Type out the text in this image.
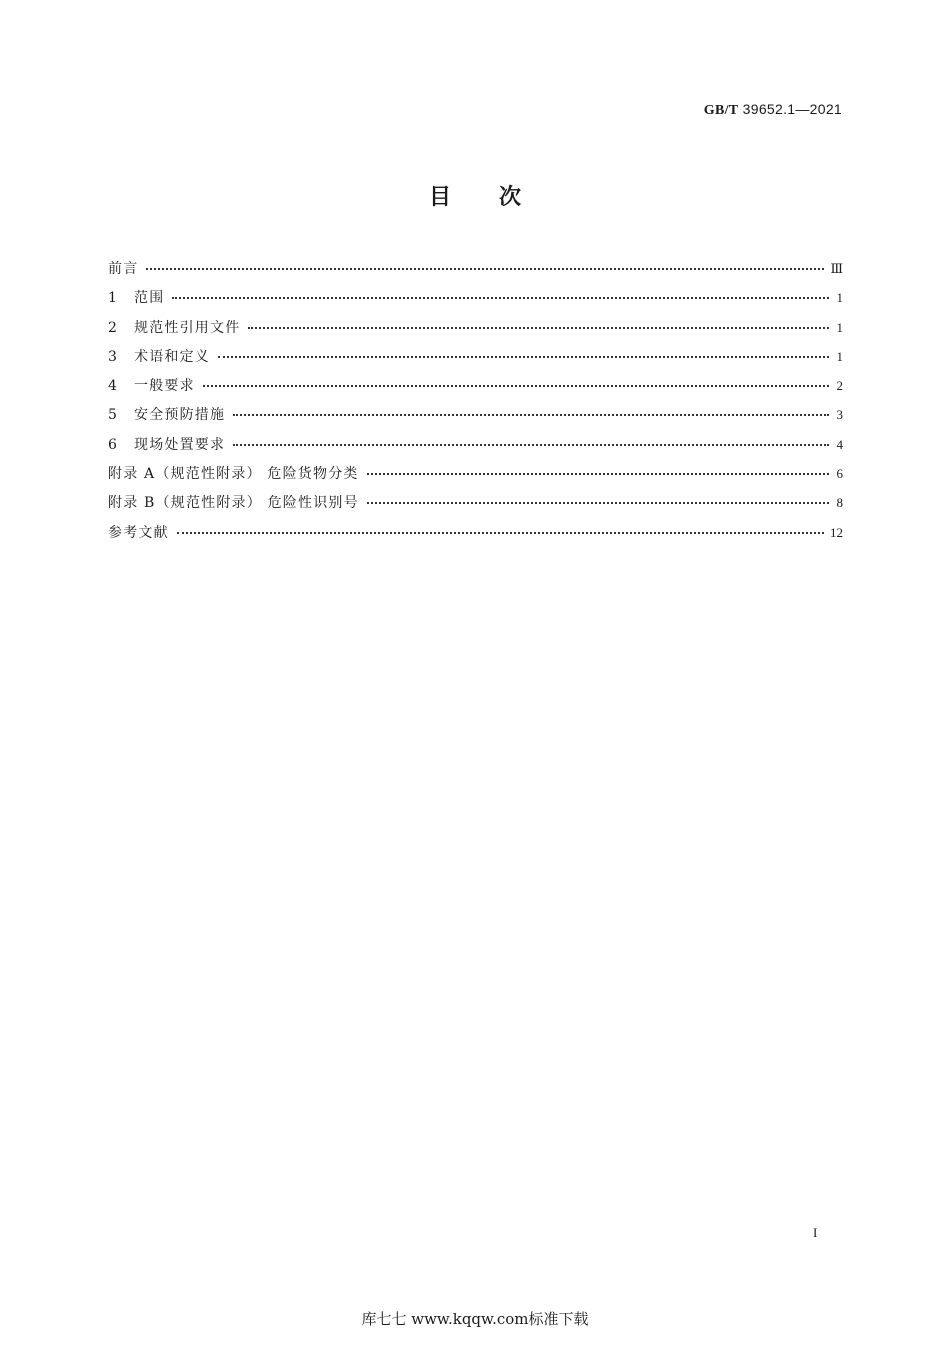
GB/T 39652.1—2021
目次
前言	Ⅲ
1 范围	1
2 规范性引用文件	1
3 术语和定义	1
4 一般要求	2
5 安全预防措施	3
6 现场处置要求	4
附录 A（规范性附录） 危险货物分类	6
附录 B（规范性附录） 危险性识别号	8
参考文献	12
I
库七七 www.kqqw.com标准下载
